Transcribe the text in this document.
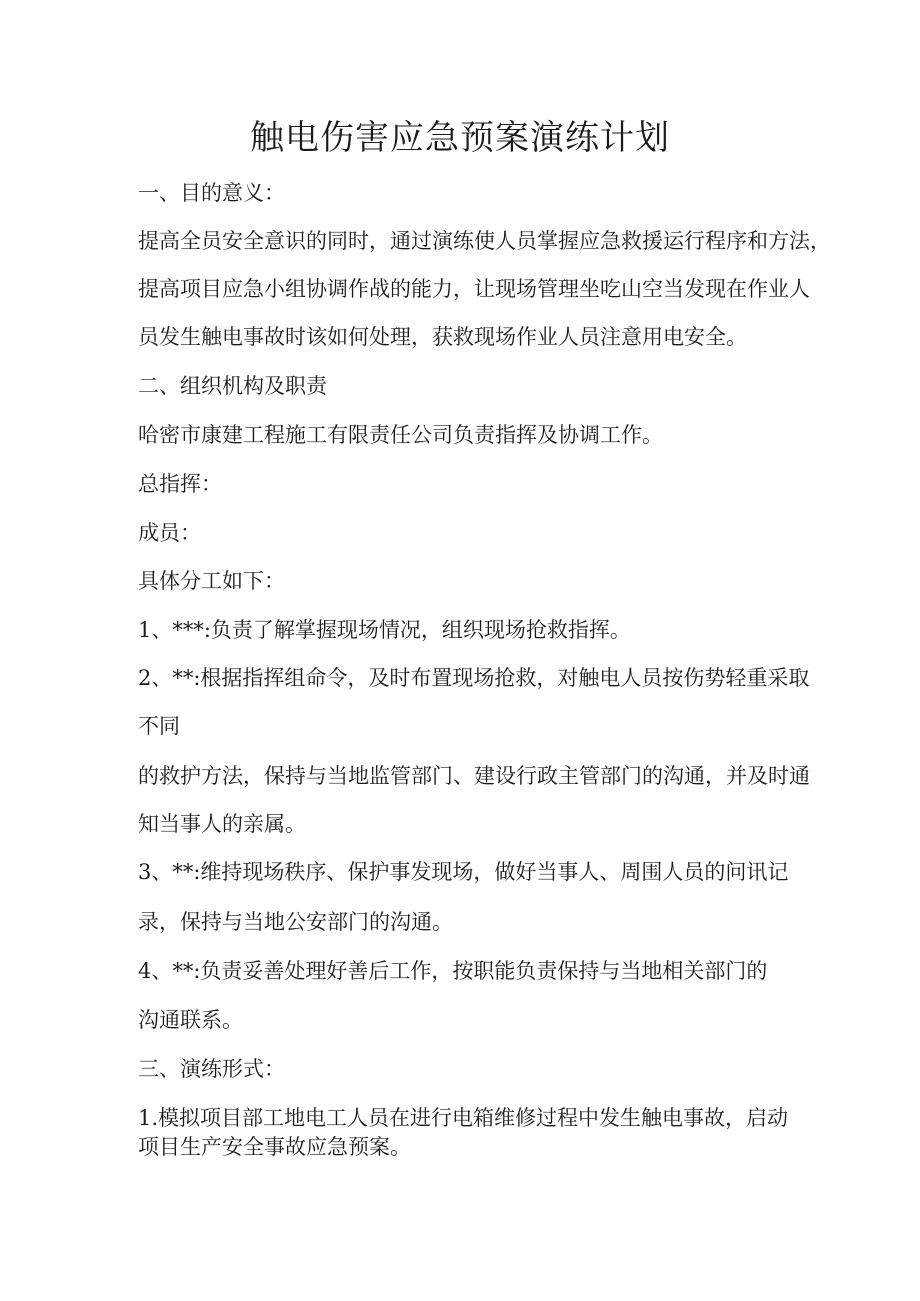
触电伤害应急预案演练计划
一、目的意义：
提高全员安全意识的同时，通过演练使人员掌握应急救援运行程序和方法，
提高项目应急小组协调作战的能力，让现场管理坐吃山空当发现在作业人
员发生触电事故时该如何处理，获救现场作业人员注意用电安全。
二、组织机构及职责
哈密市康建工程施工有限责任公司负责指挥及协调工作。
总指挥：
成员：
具体分工如下：
1、***:负责了解掌握现场情况，组织现场抢救指挥。
2、**:根据指挥组命令，及时布置现场抢救，对触电人员按伤势轻重采取
不同
的救护方法，保持与当地监管部门、建设行政主管部门的沟通，并及时通
知当事人的亲属。
3、**:维持现场秩序、保护事发现场，做好当事人、周围人员的问讯记
录，保持与当地公安部门的沟通。
4、**:负责妥善处理好善后工作，按职能负责保持与当地相关部门的
沟通联系。
三、演练形式：
1.模拟项目部工地电工人员在进行电箱维修过程中发生触电事故，启动项目生产安全事故应急预案。
